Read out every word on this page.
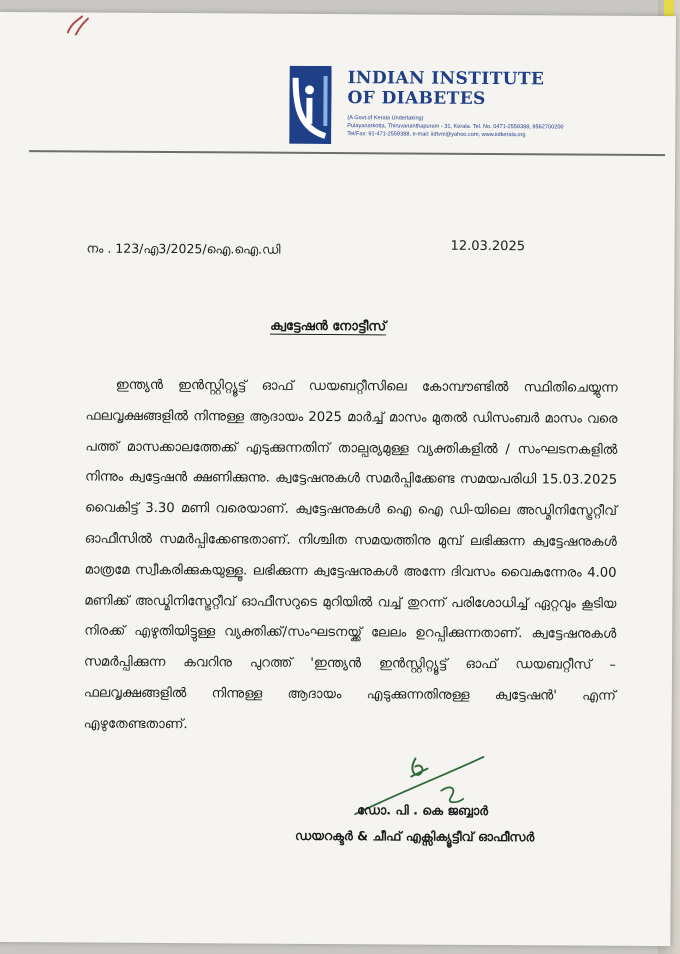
INDIAN INSTITUTE
OF DIABETES
(A Govt.of Kerala Undertaking)
Pulayanarkotta, Thiruvananthapuram - 31, Kerala. Tel. No. 0471-2559388, 9562700200
Tel/Fax: 91-471-2559388, e-mail: iidtvm@yahoo.com, www.iidkerala.org
നം . 123/എ3/2025/ഐ.ഐ.ഡി	12.03.2025
ക്വട്ടേഷൻ നോട്ടീസ്
ഇന്ത്യൻ ഇൻസ്റ്റിറ്റ്യൂട്ട് ഓഫ് ഡയബറ്റീസിലെ കോമ്പൗണ്ടിൽ സ്ഥിതിചെയ്യുന്ന ഫലവൃക്ഷങ്ങളിൽ നിന്നുള്ള ആദായം 2025 മാർച്ച് മാസം മുതൽ ഡിസംബർ മാസം വരെ പത്ത് മാസക്കാലത്തേക്ക് എടുക്കുന്നതിന് താല്പര്യമുള്ള വ്യക്തികളിൽ / സംഘടനകളിൽ നിന്നും ക്വട്ടേഷൻ ക്ഷണിക്കുന്നു. ക്വട്ടേഷനുകൾ സമർപ്പിക്കേണ്ട സമയപരിധി 15.03.2025 വൈകിട്ട് 3.30 മണി വരെയാണ്. ക്വട്ടേഷനുകൾ ഐ ഐ ഡി-യിലെ അഡ്മിനിസ്ട്രേറ്റീവ് ഓഫീസിൽ സമർപ്പിക്കേണ്ടതാണ്. നിശ്ചിത സമയത്തിനു മുമ്പ് ലഭിക്കുന്ന ക്വട്ടേഷനുകൾ മാത്രമേ സ്വീകരിക്കുകയുള്ളൂ. ലഭിക്കുന്ന ക്വട്ടേഷനുകൾ അന്നേ ദിവസം വൈകുന്നേരം 4.00 മണിക്ക് അഡ്മിനിസ്ട്രേറ്റീവ് ഓഫീസറുടെ മുറിയിൽ വച്ച് തുറന്ന് പരിശോധിച്ച് ഏറ്റവും കൂടിയ നിരക്ക് എഴുതിയിട്ടുള്ള വ്യക്തിക്ക്/സംഘടനയ്ക്ക് ലേലം ഉറപ്പിക്കുന്നതാണ്. ക്വട്ടേഷനുകൾ സമർപ്പിക്കുന്ന കവറിനു പുറത്ത് 'ഇന്ത്യൻ ഇൻസ്റ്റിറ്റ്യൂട്ട് ഓഫ് ഡയബറ്റീസ് – ഫലവൃക്ഷങ്ങളിൽ നിന്നുള്ള ആദായം എടുക്കുന്നതിനുള്ള ക്വട്ടേഷൻ' എന്ന് എഴുതേണ്ടതാണ്.
ഡോ. പി . കെ ജബ്ബാർ
ഡയറക്ടർ & ചീഫ് എക്സിക്യൂട്ടീവ് ഓഫീസർ
